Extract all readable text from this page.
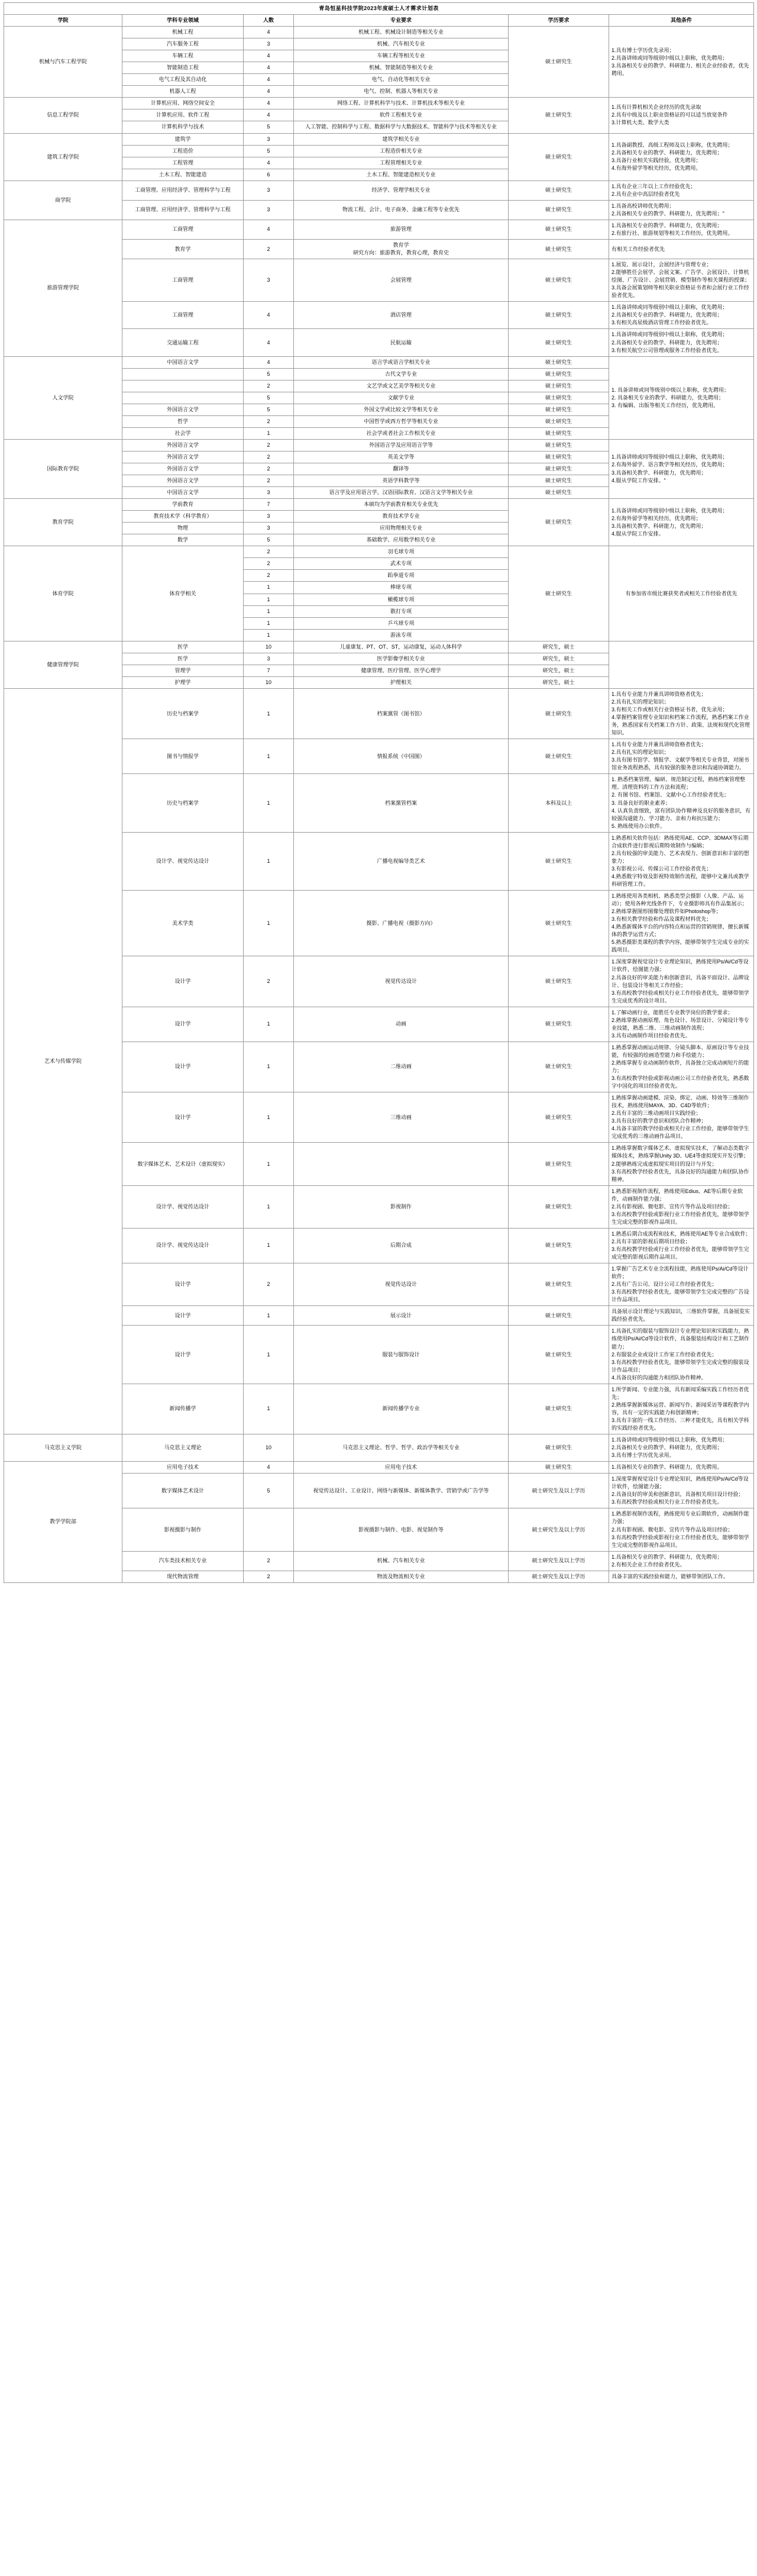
青岛恒星科技学院2023年度硕士人才需求计划表					
学院	学科专业领域	人数	专业要求	学历要求	其他条件

机械与汽车工程学院	机械工程	4	机械工程、机械设计制造等相关专业	硕士研究生	1.具有博士学历优先录用；
2.具备讲师或同等级别中级以上职称，优先聘用；
3.具备相关专业的教学、科研能力、相关企业经验者，优先聘用。

	汽车服务工程	3	机械、汽车相关专业		

	车辆工程	4	车辆工程等相关专业		

	智能制造工程	4	机械、智能制造等相关专业		

	电气工程及其自动化	4	电气、自动化等相关专业		

	机器人工程	4	电气、控制、机器人等相关专业		

信息工程学院	计算机应用、网络空间安全	4	网络工程、计算机科学与技术、计算机技术等相关专业	硕士研究生	1.具有计算机相关企业经历的优先录取
2.具有中级及以上职业资格证的可以适当放宽条件
3.计算机大类、数学大类

	计算机应用、软件工程	4	软件工程相关专业		

	计算机科学与技术	5	人工智能、控制科学与工程、数据科学与大数据技术、智能科学与技术等相关专业		

建筑工程学院	建筑学	3	建筑学相关专业	硕士研究生	1.具备副教授、高级工程师及以上职称，优先聘用；
2.具备相关专业的教学、科研能力，优先聘用；
3.具备行业相关实践经验，优先聘用；
4.有海外留学等相关经历，优先聘用。

	工程造价	5	工程造价相关专业		

	工程管理	4	工程管理相关专业		

	土木工程、智能建造	6	土木工程、智能建造相关专业		

商学院	工商管理、应用经济学、管理科学与工程	3	经济学、管理学相关专业	硕士研究生	1.具有企业三年以上工作经验优先；
2.具有企业中高层经验者优先

	工商管理、应用经济学、管理科学与工程	3	物流工程、会计、电子商务、金融工程等专业优先	硕士研究生	1.具备高校讲师优先聘用；
2.具备相关专业的教学、科研能力，优先聘用；"

旅游管理学院	工商管理	4	旅游管理	硕士研究生	1.具备相关专业的教学、科研能力，优先聘用；
2.有旅行社、旅游规划等相关工作经历，优先聘用。

	教育学	2	教育学
研究方向：旅游教育，教育心理，教育史	硕士研究生	有相关工作经验者优先

	工商管理	3	会展管理	硕士研究生	1.展览、展示设计，会展经济与管理专业；
2.能够胜任会展学、会展文案、广告学、会展设计、计算机绘图、广告设计、会展营销、模型制作等相关课程的授课；
3.具备会展策划师等相关职业资格证书者和会展行业工作经验者优先。

	工商管理	4	酒店管理	硕士研究生	1.具备讲师或同等级别中级以上职称，优先聘用；
2.具备相关专业的教学、科研能力，优先聘用；
3.有相关高星级酒店管理工作经验者优先。

	交通运输工程	4	民航运输	硕士研究生	1.具备讲师或同等级别中级以上职称，优先聘用；
2.具备相关专业的教学、科研能力，优先聘用；
3.有相关航空公司管理或服务工作经验者优先。

人文学院	中国语言文学	4	语言学或语言学相关专业	硕士研究生	1. 具备讲师或同等级别中级以上职称，优先聘用；
2. 具备相关专业的教学、科研能力，优先聘用；
3. 有编辑、出版等相关工作经历，优先聘用。

		5	古代文学专业	硕士研究生	

		2	文艺学或文艺美学等相关专业	硕士研究生	

		5	文献学专业	硕士研究生	

	外国语言文学	5	外国文学或比较文学等相关专业	硕士研究生	

	哲学	2	中国哲学或西方哲学等相关专业	硕士研究生	

	社会学	1	社会学或者社会工作相关专业	硕士研究生	

国际教育学院	外国语言文学	2	外国语言学及应用语言学等	硕士研究生	1.具备讲师或同等级别中级以上职称，优先聘用；
2.有海外留学、语言教学等相关经历，优先聘用；
3.具备相关教学、科研能力，优先聘用；
4.服从学院工作安排。"

	外国语言文学	2	英美文学等	硕士研究生	

	外国语言文学	2	翻译等	硕士研究生	

	外国语言文学	2	英语学科教学等	硕士研究生	

	中国语言文学	3	语言学及应用语言学、汉语国际教育、汉语言文学等相关专业	硕士研究生	

教育学院	学前教育	7	本硕均为学前教育相关专业优先	硕士研究生	1.具备讲师或同等级别中级以上职称，优先聘用；
2.有海外留学等相关经历，优先聘用；
3.具备相关教学、科研能力，优先聘用；
4.服从学院工作安排。

	教育技术学（科学教育）	3	教育技术学专业		

	物理	3	应用物理相关专业		

	数学	5	基础数学、应用数学相关专业		

体育学院	体育学相关	2	羽毛球专项	硕士研究生	有参加省市级比赛获奖者或相关工作经验者优先

		2	武术专项		

		2	跆拳道专项		

		1	棒球专项		

		1	橄榄球专项		

		1	散打专项		

		1	乒乓球专项		

		1	游泳专项		

健康管理学院	医学	10	儿童康复、PT、OT、ST，运动康复，运动人体科学	研究生，硕士	

	医学	3	医学影像学相关专业	研究生，硕士	

	管理学	7	健康管理、医疗管理、医学心理学	研究生，硕士	

	护理学	10	护理相关	研究生，硕士	

艺术与传媒学院	历史与档案学	1	档案黨管（图书馆）	硕士研究生	1.具有专业能力并兼具讲师资格者优先；
2.具有扎实的理论知识；
3.有相关工作或相关行业资格证书者，优先录用；
4.掌握档案管理专业知识和档案工作流程，熟悉档案工作业务，熟悉国家有关档案工作方针、政策、法规和现代化管理知识。

	图书与情报学	1	情报系统（中国图）	硕士研究生	1.具有专业能力并兼具讲师资格者优先；
2.具有扎实的理论知识；
3.具有图书馆学、情报学、文献学等相关专业背景，对图书馆业务流程熟悉，具有较强的服务意识和沟通协调能力。

	历史与档案学	1	档案黨管档案	本科及以上	1. 熟悉档案管理、编研、规范制定过程，熟练档案管理整理、清理资料的工作方法和流程；
2. 有图书馆、档案馆、文献中心工作经验者优先；
3. 具备良好的职业素养；
4. 认真负责细致，富有团队协作精神及良好的服务意识，有较强沟通能力、学习能力、亲和力和抗压能力；
5. 熟练使用办公软件。

	设计学、视觉传达设计	1	广播电视编导类艺术	硕士研究生	1.熟悉相关软件包括：熟练使用AE、CCP、3DMAX等后期合成软件进行影视后期特效制作与编辑；
2.具有较强的审美能力、艺术表现力、创新意识和丰富的想象力；
3.有影视公司、传媒公司工作经验者优先；
4.熟悉数字特效及影视特效制作流程，能够中文兼具或教学科研管理工作。

	美术学类	1	摄影、广播电视（摄影方向）	硕士研究生	1.熟练使用各类相机、熟悉类型会摄影（人像、产品、运动）；使用各种光线条件下，专业摄影师具有作品集展示；
2.熟练掌握图形图像处理软件如Photoshop等；
3.有相关教学经验和作品及课程材料优先；
4.熟悉新媒体平台的内容特点和运营的营销规律，擅长新媒体的教学运营方式；
5.熟悉摄影类课程的教学内容，能够带领学生完成专业的实践项目。

	设计学	2	视觉传达设计	硕士研究生	1.深度掌握视觉设计专业理论知识，熟练使用Ps/Ai/Cd等设计软件，绘图能力强；
2.具备良好的审美能力和创新意识，具备平面设计、品牌设计、包装设计等相关工作经验；
3.有高校教学经验或相关行业工作经验者优先，能够带领学生完成优秀的设计项目。

	设计学	1	动画	硕士研究生	1.了解动画行业，能胜任专业教学岗位的教学要求；
2.熟练掌握动画原理、角色设计、场景设计、分镜设计等专业技能，熟悉二维、三维动画制作流程；
3.具有动画制作项目经验者优先。

	设计学	1	二维动画	硕士研究生	1.熟悉掌握动画运动规律、分镜头脚本、原画设计等专业技能，有较强的绘画造型能力和手绘能力；
2.熟练掌握专业动画制作软件，具备独立完成动画短片的能力；
3.有高校教学经验或影视动画公司工作经验者优先，熟悉数字中国化的项目经验者优先。

	设计学	1	三维动画	硕士研究生	1.熟练掌握动画建模、渲染、绑定、动画、特效等三维制作技术，熟练使用MAYA、3D、C4D等软件；
2.具有丰富的三维动画项目实践经验；
3.具有良好的教学意识和团队合作精神；
4.具备丰富的教学经验或相关行业工作经验，能够带领学生完成优秀的三维动画作品项目。

	数字媒体艺术、艺术设计（虚拟现实）	1		硕士研究生	1.熟练掌握数字媒体艺术、虚拟现实技术，了解动态类数字媒体技术，熟练掌握Unity 3D、UE4等虚拟现实开发引擎；
2.能够熟练完成虚拟现实项目的设计与开发；
3.有高校教学经验者优先，具备良好的沟通能力和团队协作精神。

	设计学、视觉传达设计	1	影视制作	硕士研究生	1.熟悉影视制作流程，熟练使用Edius、AE等后期专业软件，动画制作能力强；
2.具有影视剧、微电影、宣传片等作品及项目经验；
3.有高校教学经验或影视行业工作经验者优先，能够带领学生完成完整的影视作品项目。

	设计学、视觉传达设计	1	后期合成	硕士研究生	1.熟悉后期合成流程和技术，熟练使用AE等专业合成软件；
2.具有丰富的影视后期项目经验；
3.有高校教学经验或行业工作经验者优先，能够带领学生完成完整的影视后期作品项目。

	设计学	2	视觉传达设计	硕士研究生	1.掌握广告艺术专业全流程技能，熟练使用Ps/Ai/Cd等设计软件；
2.具有广告公司、设计公司工作经验者优先；
3.有高校教学经验者优先，能够带领学生完成完整的广告设计作品项目。

	设计学	1	展示设计	硕士研究生	具备展示设计理论与实践知识，三维软件掌握，具备展览实践经验者优先。

	设计学	1	服装与服饰设计	硕士研究生	1.具备扎实的服装与服饰设计专业理论知识和实践能力，熟练使用Ps/Ai/Cd等设计软件，具备服装结构设计和工艺制作能力；
2.有服装企业或设计工作室工作经验者优先；
3.有高校教学经验者优先，能够带领学生完成完整的服装设计作品项目；
4.具备良好的沟通能力和团队协作精神。

	新闻传播学	1	新闻传播学专业	硕士研究生	1.所学新闻、专业能力强，具有新闻采编实践工作经历者优先；
2.熟练掌握新媒体运营、新闻写作、新闻采访等课程教学内容，具有一定的实践能力和创新精神；
3.具有丰富的一线工作经历、三种才能优先，具有相关学科的实践经验者优先。

马克思主义学院	马克思主义理论	10	马克思主义理论、哲学、哲学、政治学等相关专业	硕士研究生	1.具备讲师或同等级别中级以上职称，优先聘用；
2.具备相关专业的教学、科研能力，优先聘用；
3.具有博士学历优先录用。

教学学院部	应用电子技术	4	应用电子技术	硕士研究生	1.具备相关专业的教学、科研能力，优先聘用。

	数字媒体艺术设计	5	视觉传达设计、工业设计、网络与新媒体、新媒体教学、营销学或广告学等	硕士研究生及以上学历	1.深度掌握视觉设计专业理论知识，熟练使用Ps/Ai/Cd等设计软件，绘图能力强；
2.具备良好的审美和创新意识，具备相关项目设计经验；
3.有高校教学经验或相关行业工作经验者优先。

	影视摄影与制作		影视摄影与制作、电影、视觉制作等	硕士研究生及以上学历	1.熟悉影视制作流程，熟练使用专业后期软件，动画制作能力强；
2.具有影视剧、微电影、宣传片等作品及项目经验；
3.有高校教学经验或影视行业工作经验者优先，能够带领学生完成完整的影视作品项目。

	汽车类技术相关专业	2	机械、汽车相关专业	硕士研究生及以上学历	1.具备相关专业的教学、科研能力，优先聘用；
2.有相关企业工作经验者优先。

	现代物流管理	2	物流及物流相关专业	硕士研究生及以上学历	具备丰富的实践经验和能力，能够带领团队工作。
